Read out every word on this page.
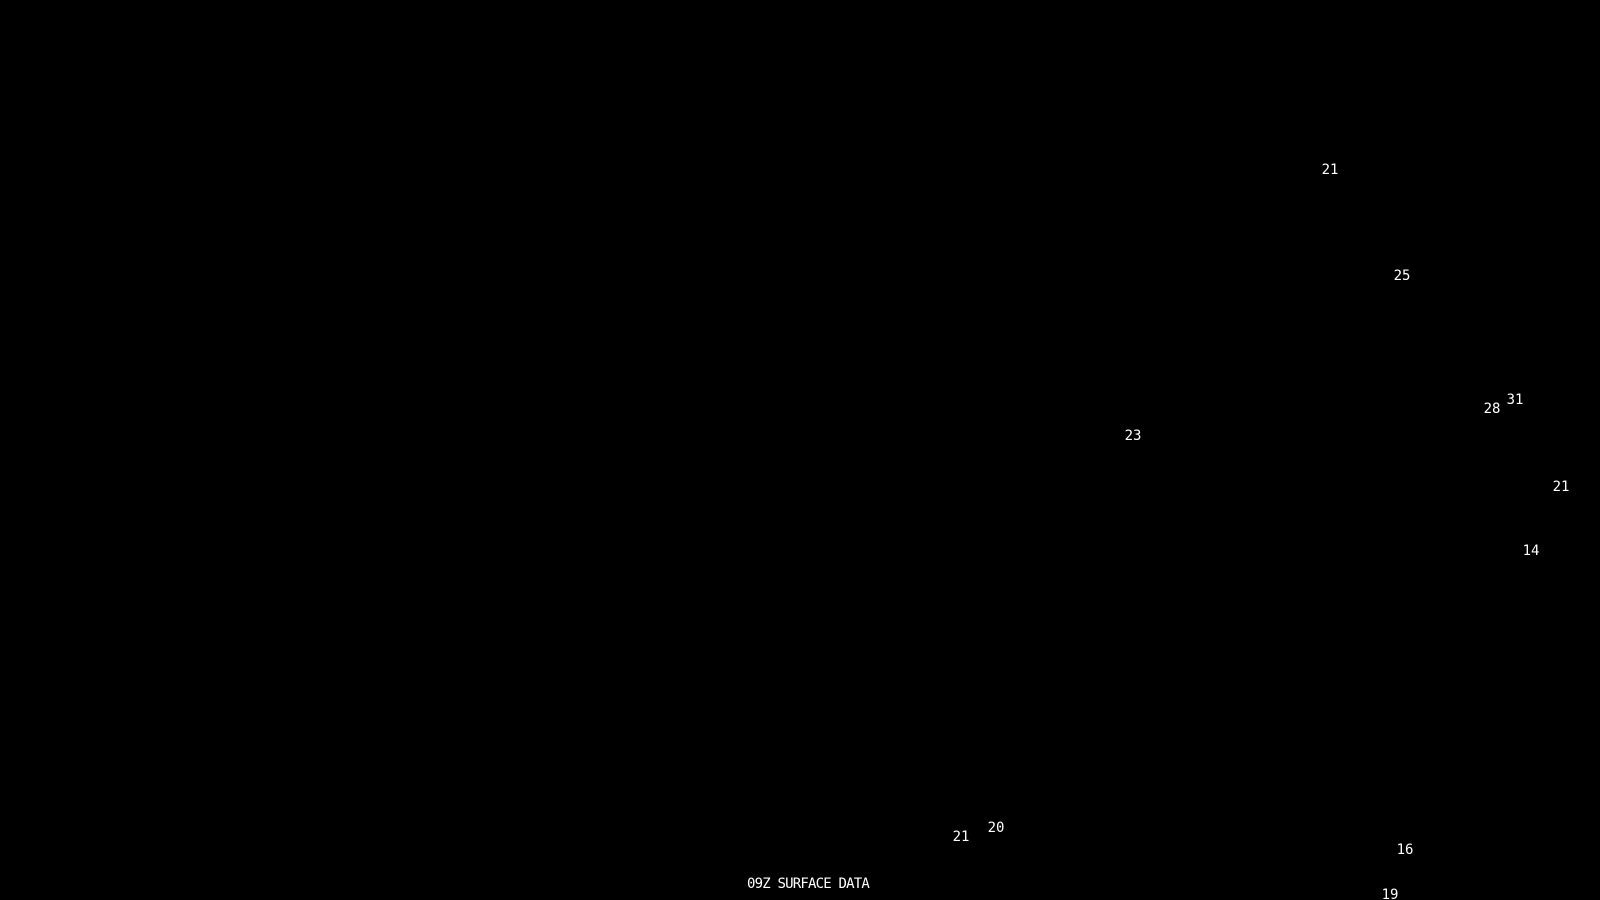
21
25
23
28
31
21
14
21
20
16
19
09Z SURFACE DATA
